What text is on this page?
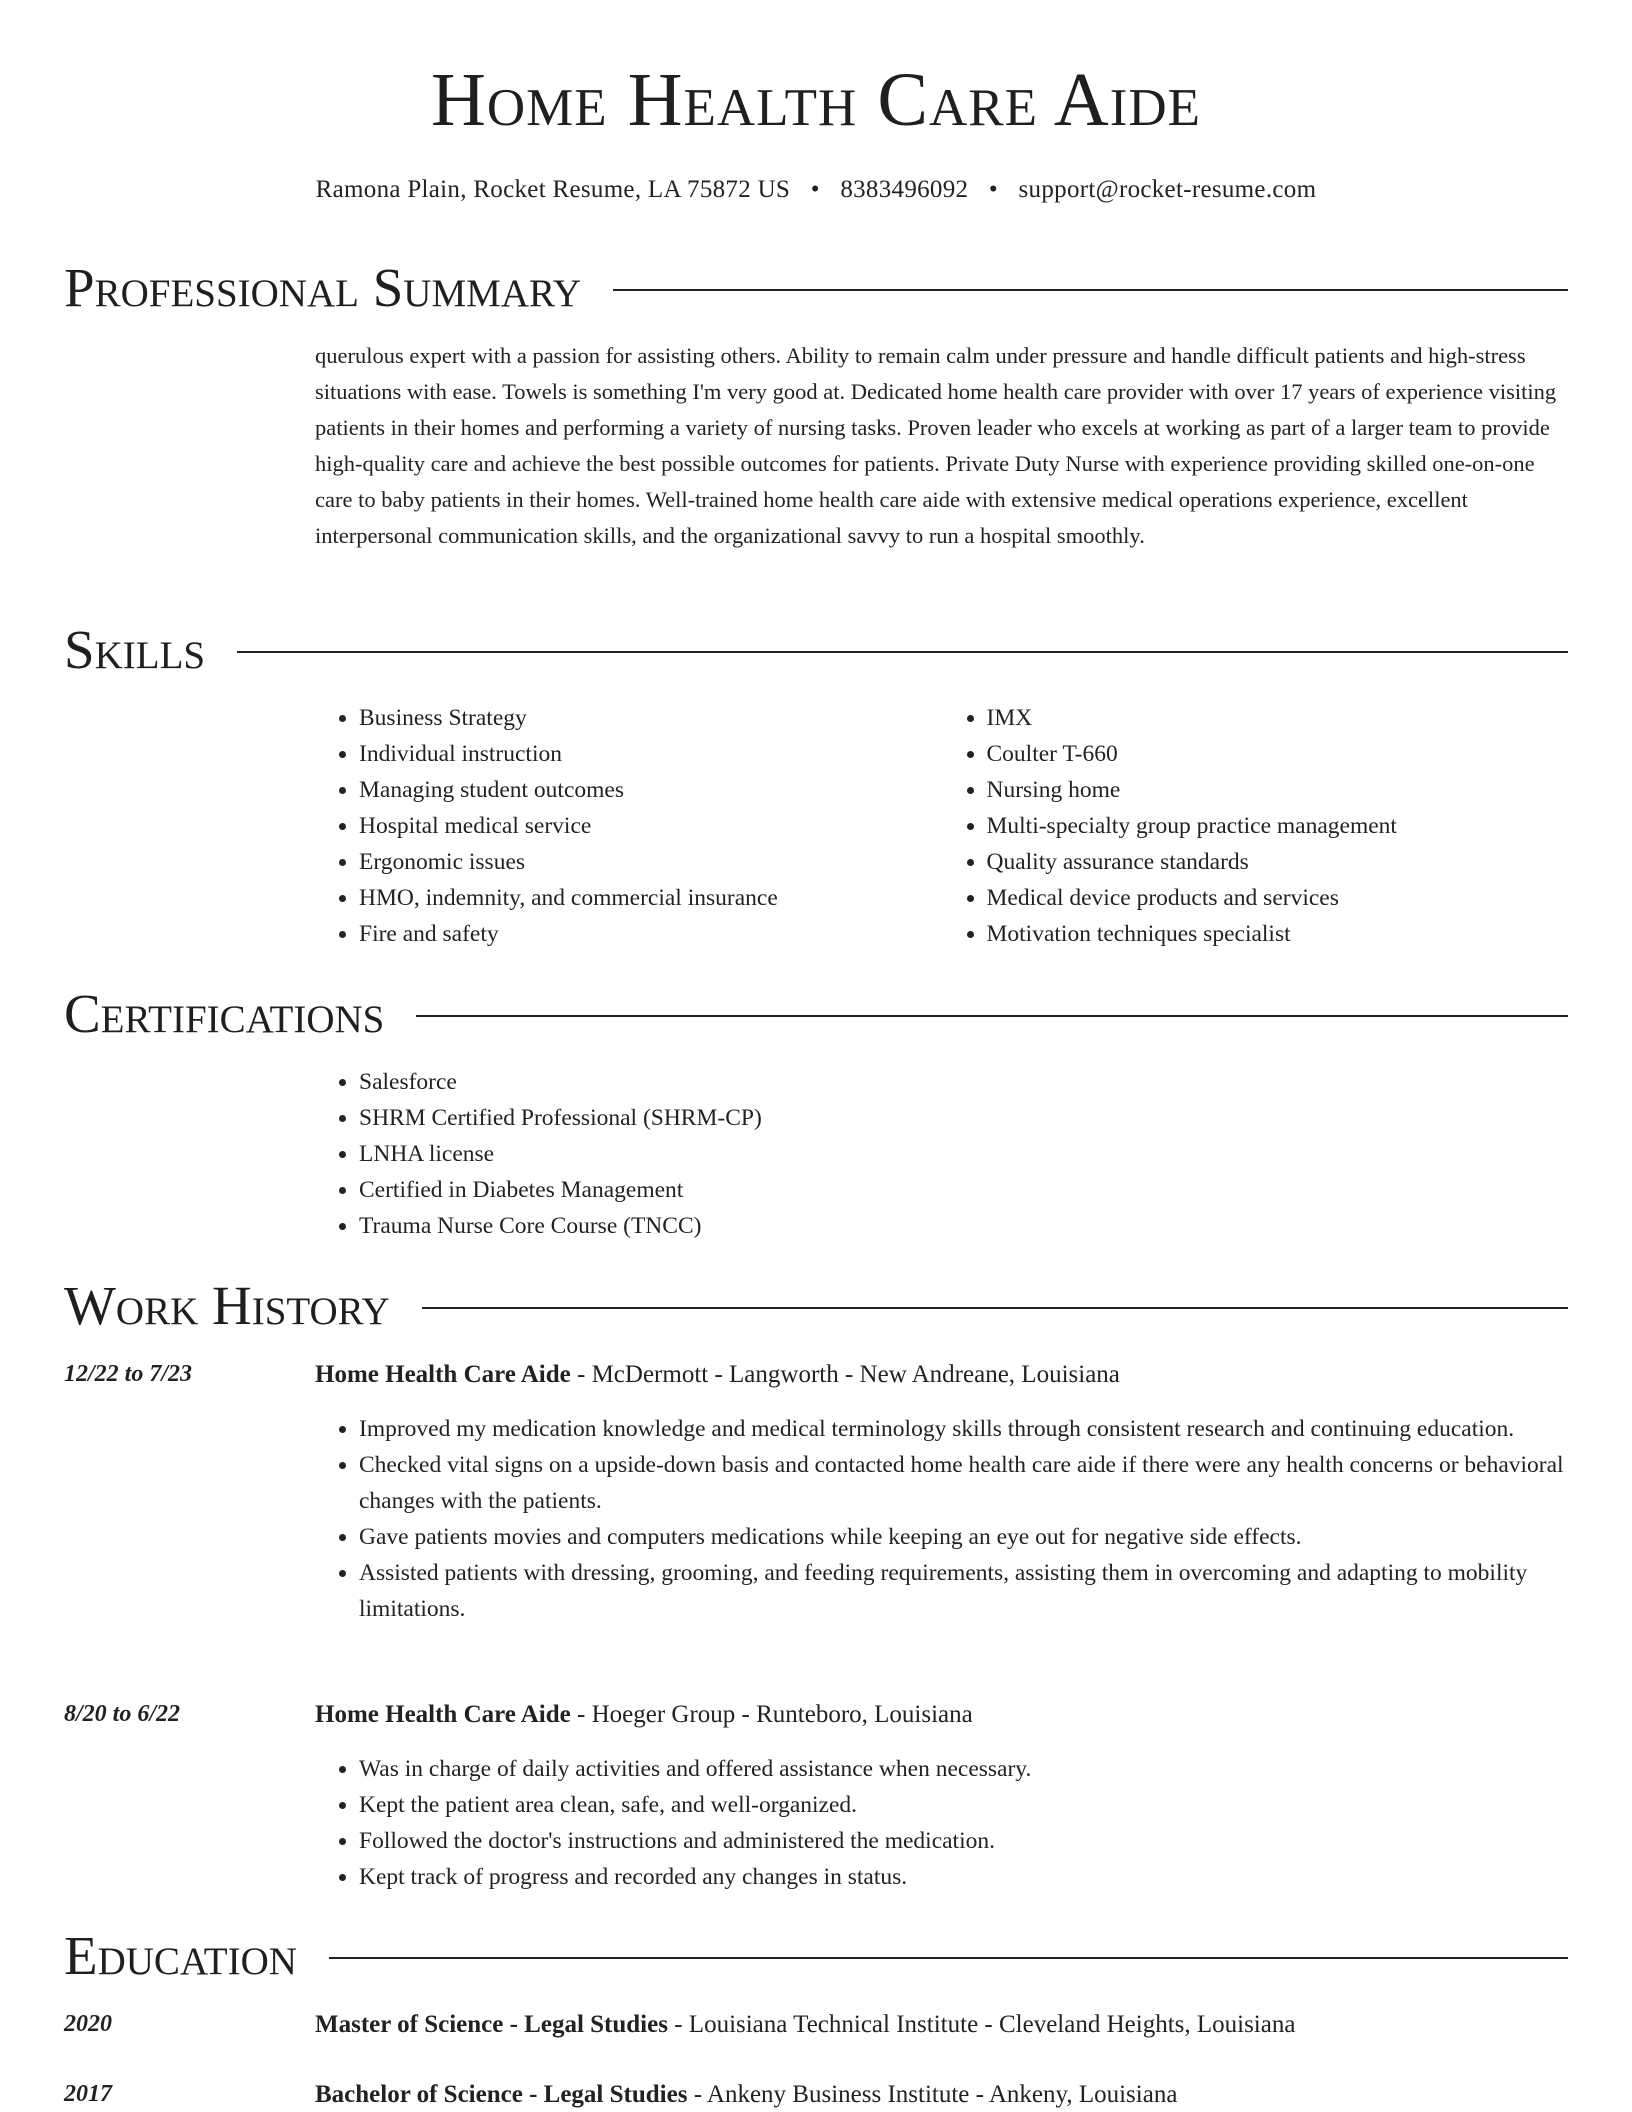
Home Health Care Aide
Ramona Plain, Rocket Resume, LA 75872 US • 8383496092 • support@rocket-resume.com
Professional Summary

querulous expert with a passion for assisting others. Ability to remain calm under pressure and handle difficult patients and high-stress situations with ease. Towels is something I'm very good at. Dedicated home health care provider with over 17 years of experience visiting patients in their homes and performing a variety of nursing tasks. Proven leader who excels at working as part of a larger team to provide high-quality care and achieve the best possible outcomes for patients. Private Duty Nurse with experience providing skilled one-on-one care to baby patients in their homes. Well-trained home health care aide with extensive medical operations experience, excellent interpersonal communication skills, and the organizational savvy to run a hospital smoothly.

Skills
• Business Strategy
• Individual instruction
• Managing student outcomes
• Hospital medical service
• Ergonomic issues
• HMO, indemnity, and commercial insurance
• Fire and safety
• IMX
• Coulter T-660
• Nursing home
• Multi-specialty group practice management
• Quality assurance standards
• Medical device products and services
• Motivation techniques specialist
Certifications
• Salesforce
• SHRM Certified Professional (SHRM-CP)
• LNHA license
• Certified in Diabetes Management
• Trauma Nurse Core Course (TNCC)
Work History
12/22 to 7/23	Home Health Care Aide - McDermott - Langworth - New Andreane, Louisiana
• Improved my medication knowledge and medical terminology skills through consistent research and continuing education.
• Checked vital signs on a upside-down basis and contacted home health care aide if there were any health concerns or behavioral changes with the patients.
• Gave patients movies and computers medications while keeping an eye out for negative side effects.
• Assisted patients with dressing, grooming, and feeding requirements, assisting them in overcoming and adapting to mobility limitations.
8/20 to 6/22	Home Health Care Aide - Hoeger Group - Runteboro, Louisiana
• Was in charge of daily activities and offered assistance when necessary.
• Kept the patient area clean, safe, and well-organized.
• Followed the doctor's instructions and administered the medication.
• Kept track of progress and recorded any changes in status.
Education
2020	Master of Science - Legal Studies - Louisiana Technical Institute - Cleveland Heights, Louisiana
2017	Bachelor of Science - Legal Studies - Ankeny Business Institute - Ankeny, Louisiana
